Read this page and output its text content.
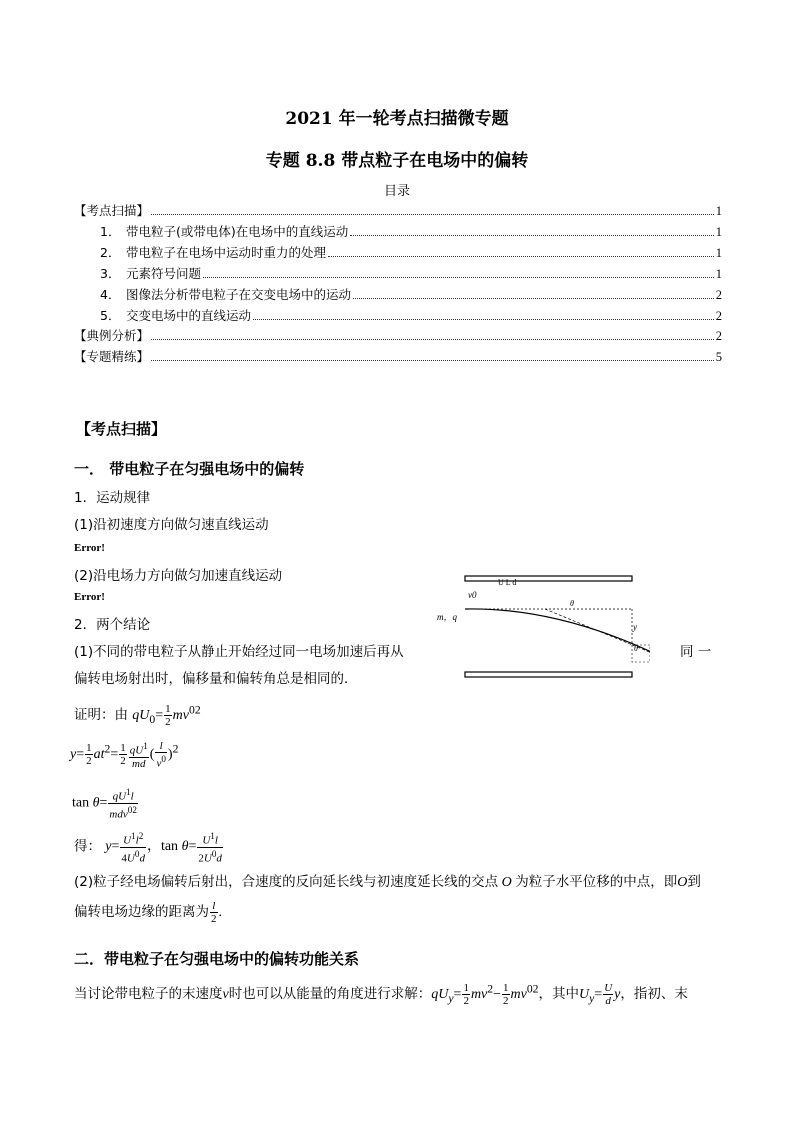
2021 年一轮考点扫描微专题
专题 8.8 带点粒子在电场中的偏转
目录
【考点扫描】	1
1． 带电粒子(或带电体)在电场中的直线运动	1
2． 带电粒子在电场中运动时重力的处理	1
3． 元素符号问题	1
4． 图像法分析带电粒子在交变电场中的运动	2
5． 交变电场中的直线运动	2
【典例分析】	2
【专题精练】	5
【考点扫描】
一． 带电粒子在匀强电场中的偏转
1．运动规律
(1)沿初速度方向做匀速直线运动
Error!
(2)沿电场力方向做匀加速直线运动
Error!
2．两个结论
(1)不同的带电粒子从静止开始经过同一电场加速后再从	同 一
偏转电场射出时，偏移量和偏转角总是相同的．
U L d
v0
m，q
y
θ
θ
证明：由 $qU_0= \frac{1}{2} mv^{02}$
$y= \frac{1}{2} at^2= \frac{1}{2} \frac{qU^1}{md}$ ( $\frac{l}{v^0} )^2$
$\tan \theta= \frac{qU^1l}{mdv^{02}}$
得： $y= \frac{U^1l^2}{4U^0d}$ ，$\tan \theta= \frac{U^1l}{2U^0d}$
(2)粒子经电场偏转后射出，合速度的反向延长线与初速度延长线的交点 O 为粒子水平位移的中点，即O到
偏转电场边缘的距离为 $\frac{l}{2}$ .
二．带电粒子在匀强电场中的偏转功能关系
当讨论带电粒子的末速度v时也可以从能量的角度进行求解：$qU_y= \frac{1}{2} mv^2- \frac{1}{2} mv^{02}$，其中$U_y= \frac{U}{d}$ y，指初、末
